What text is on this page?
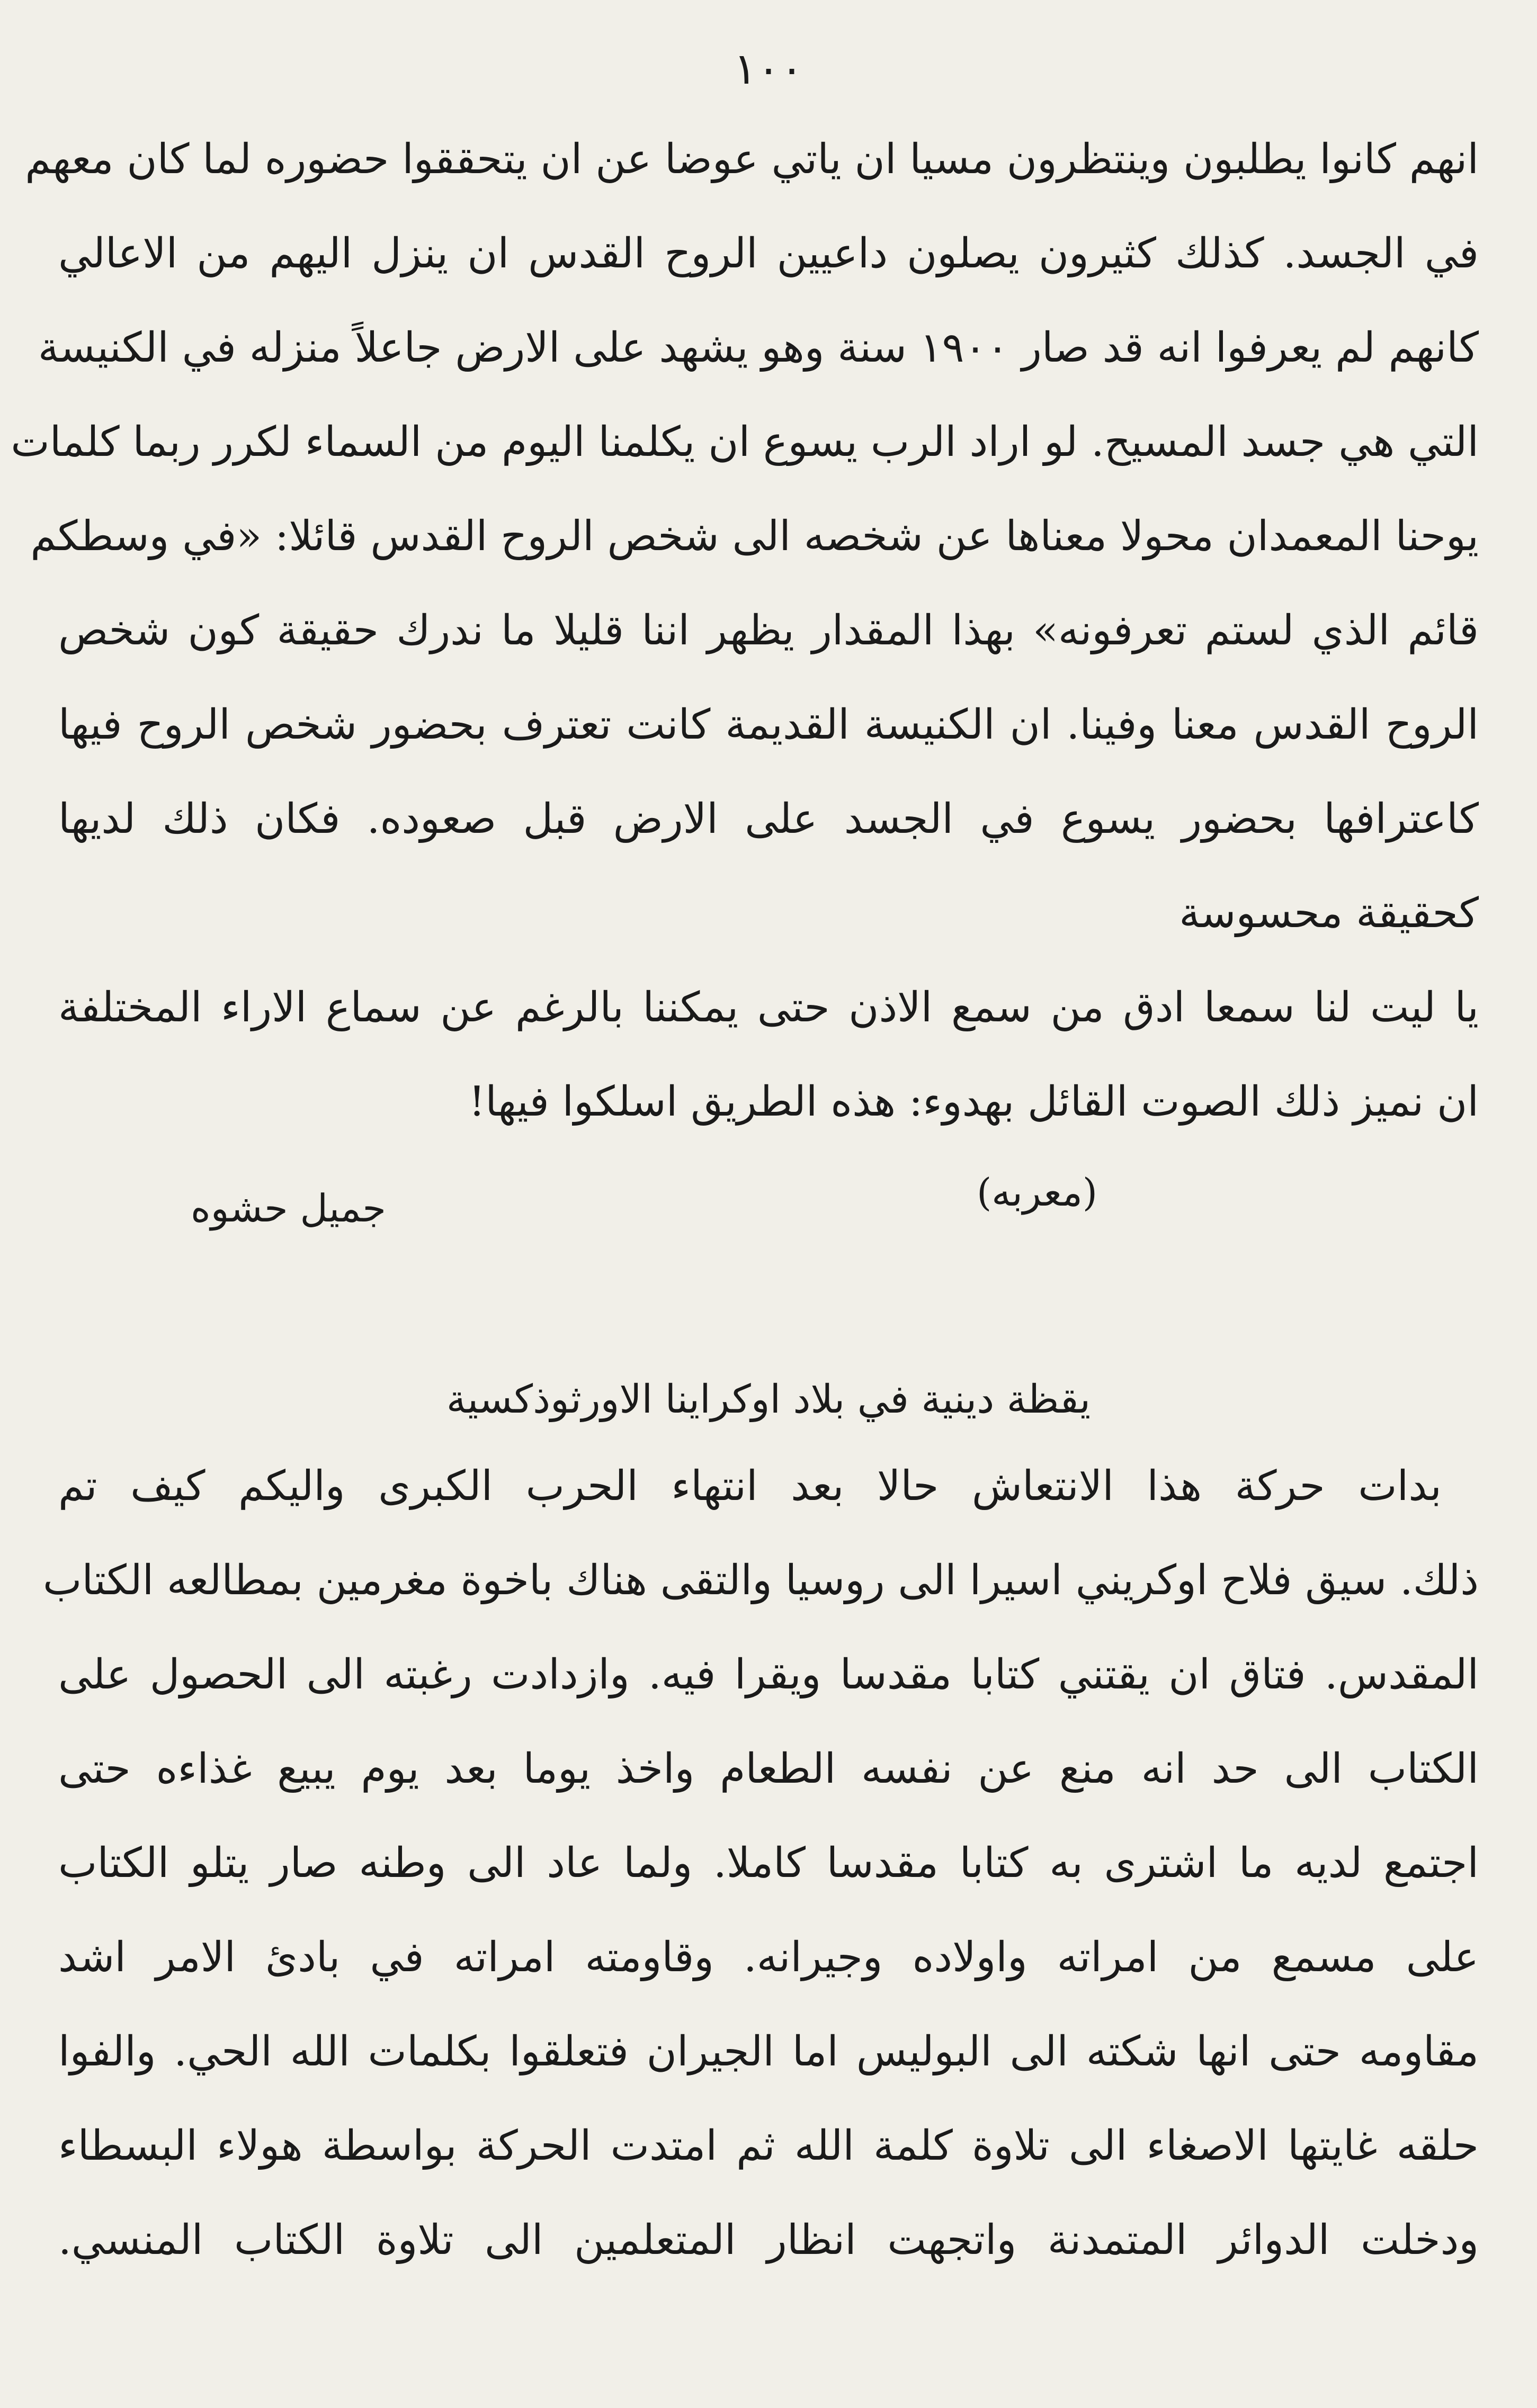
١٠٠
انهم كانوا يطلبون وينتظرون مسيا ان ياتي عوضا عن ان يتحققوا حضوره لما كان معهم
في الجسد. كذلك كثيرون يصلون داعيين الروح القدس ان ينزل اليهم من الاعالي
كانهم لم يعرفوا انه قد صار ١٩٠٠ سنة وهو يشهد على الارض جاعلاً منزله في الكنيسة
التي هي جسد المسيح. لو اراد الرب يسوع ان يكلمنا اليوم من السماء لكرر ربما كلمات
يوحنا المعمدان محولا معناها عن شخصه الى شخص الروح القدس قائلا: «في وسطكم
قائم الذي لستم تعرفونه» بهذا المقدار يظهر اننا قليلا ما ندرك حقيقة كون شخص
الروح القدس معنا وفينا. ان الكنيسة القديمة كانت تعترف بحضور شخص الروح فيها
كاعترافها بحضور يسوع في الجسد على الارض قبل صعوده. فكان ذلك لديها
كحقيقة محسوسة
يا ليت لنا سمعا ادق من سمع الاذن حتى يمكننا بالرغم عن سماع الاراء المختلفة
ان نميز ذلك الصوت القائل بهدوء: هذه الطريق اسلكوا فيها!
(معربه)
جميل حشوه
يقظة دينية في بلاد اوكراينا الاورثوذكسية
بدات حركة هذا الانتعاش حالا بعد انتهاء الحرب الكبرى واليكم كيف تم
ذلك. سيق فلاح اوكريني اسيرا الى روسيا والتقى هناك باخوة مغرمين بمطالعه الكتاب
المقدس. فتاق ان يقتني كتابا مقدسا ويقرا فيه. وازدادت رغبته الى الحصول على
الكتاب الى حد انه منع عن نفسه الطعام واخذ يوما بعد يوم يبيع غذاءه حتى
اجتمع لديه ما اشترى به كتابا مقدسا كاملا. ولما عاد الى وطنه صار يتلو الكتاب
على مسمع من امراته واولاده وجيرانه. وقاومته امراته في بادئ الامر اشد
مقاومه حتى انها شكته الى البوليس اما الجيران فتعلقوا بكلمات الله الحي. والفوا
حلقه غايتها الاصغاء الى تلاوة كلمة الله ثم امتدت الحركة بواسطة هولاء البسطاء
ودخلت الدوائر المتمدنة واتجهت انظار المتعلمين الى تلاوة الكتاب المنسي.
